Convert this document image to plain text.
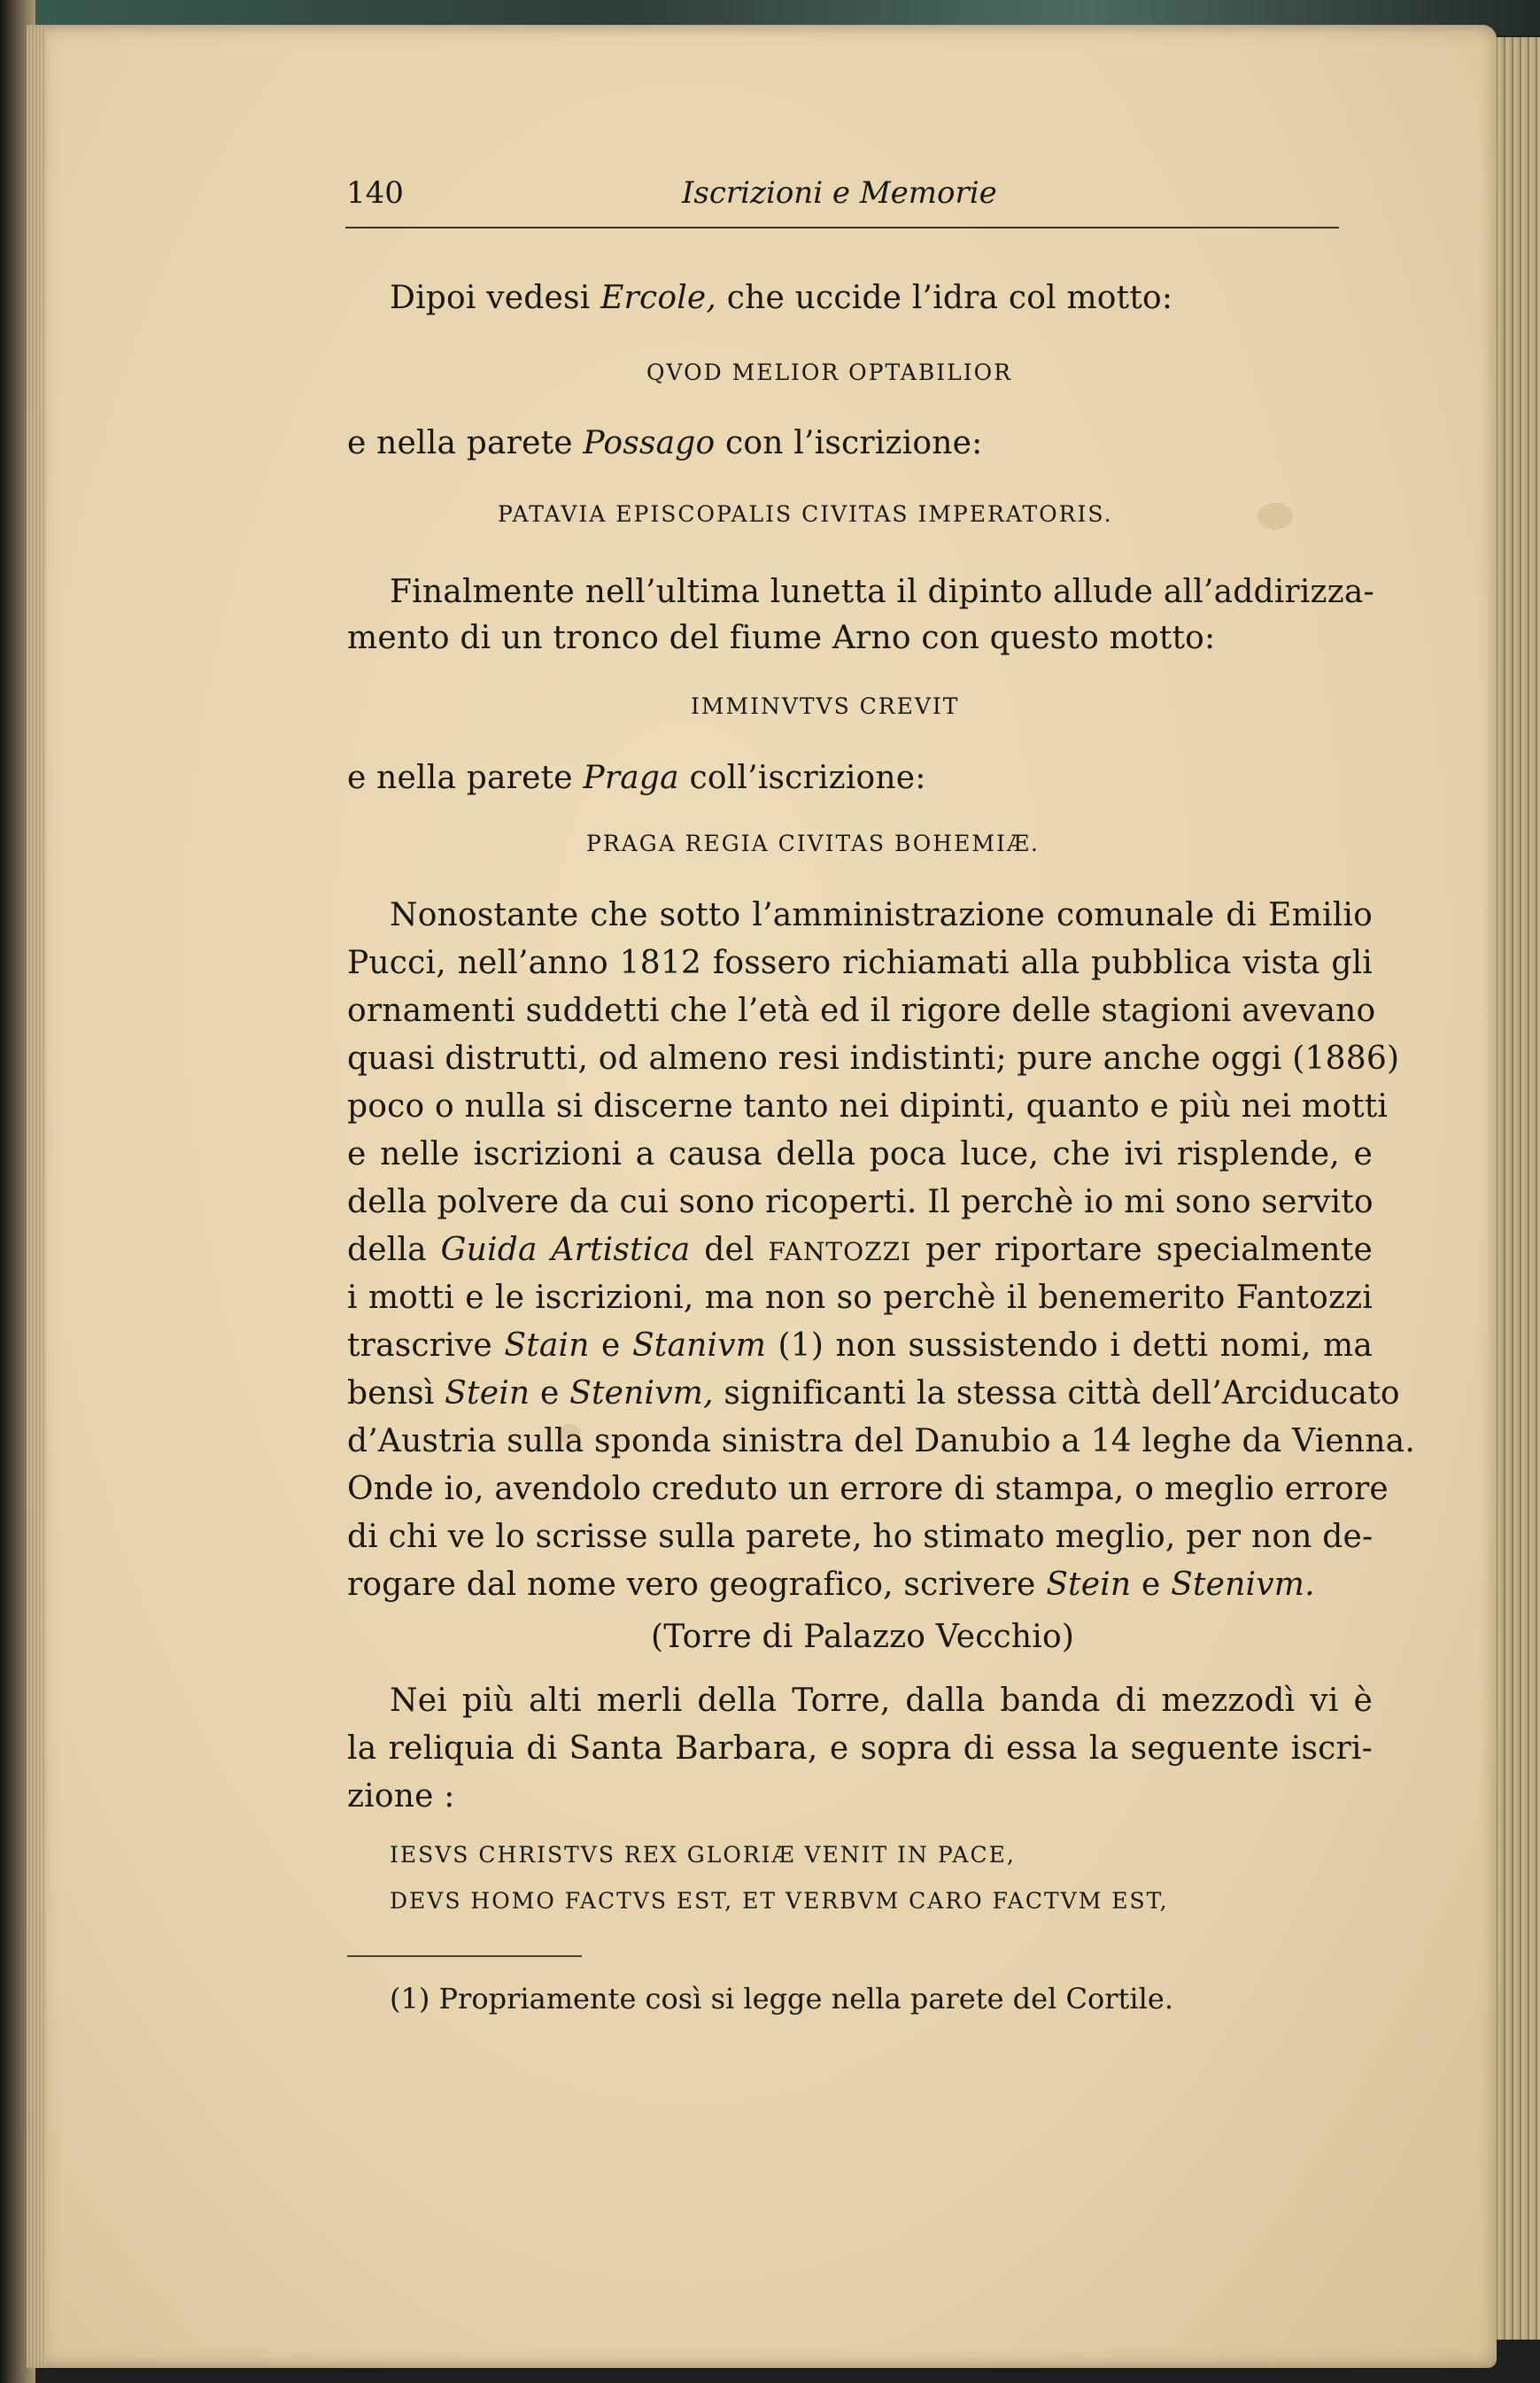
140	Iscrizioni e Memorie
Dipoi vedesi Ercole, che uccide l’idra col motto:
QVOD MELIOR OPTABILIOR
e nella parete Possago con l’iscrizione:
PATAVIA EPISCOPALIS CIVITAS IMPERATORIS.
Finalmente nell’ultima lunetta il dipinto allude all’addirizza-
mento di un tronco del fiume Arno con questo motto:
IMMINVTVS CREVIT
e nella parete Praga coll’iscrizione:
PRAGA REGIA CIVITAS BOHEMIÆ.
Nonostante che sotto l’amministrazione comunale di Emilio
Pucci, nell’anno 1812 fossero richiamati alla pubblica vista gli
ornamenti suddetti che l’età ed il rigore delle stagioni avevano
quasi distrutti, od almeno resi indistinti; pure anche oggi (1886)
poco o nulla si discerne tanto nei dipinti, quanto e più nei motti
e nelle iscrizioni a causa della poca luce, che ivi risplende, e
della polvere da cui sono ricoperti. Il perchè io mi sono servito
della Guida Artistica del FANTOZZI per riportare specialmente
i motti e le iscrizioni, ma non so perchè il benemerito Fantozzi
trascrive Stain e Stanivm (1) non sussistendo i detti nomi, ma
bensì Stein e Stenivm, significanti la stessa città dell’Arciducato
d’Austria sulla sponda sinistra del Danubio a 14 leghe da Vienna.
Onde io, avendolo creduto un errore di stampa, o meglio errore
di chi ve lo scrisse sulla parete, ho stimato meglio, per non de-
rogare dal nome vero geografico, scrivere Stein e Stenivm.
(Torre di Palazzo Vecchio)
Nei più alti merli della Torre, dalla banda di mezzodì vi è
la reliquia di Santa Barbara, e sopra di essa la seguente iscri-
zione :
IESVS CHRISTVS REX GLORIÆ VENIT IN PACE,
DEVS HOMO FACTVS EST, ET VERBVM CARO FACTVM EST,
(1) Propriamente così si legge nella parete del Cortile.
